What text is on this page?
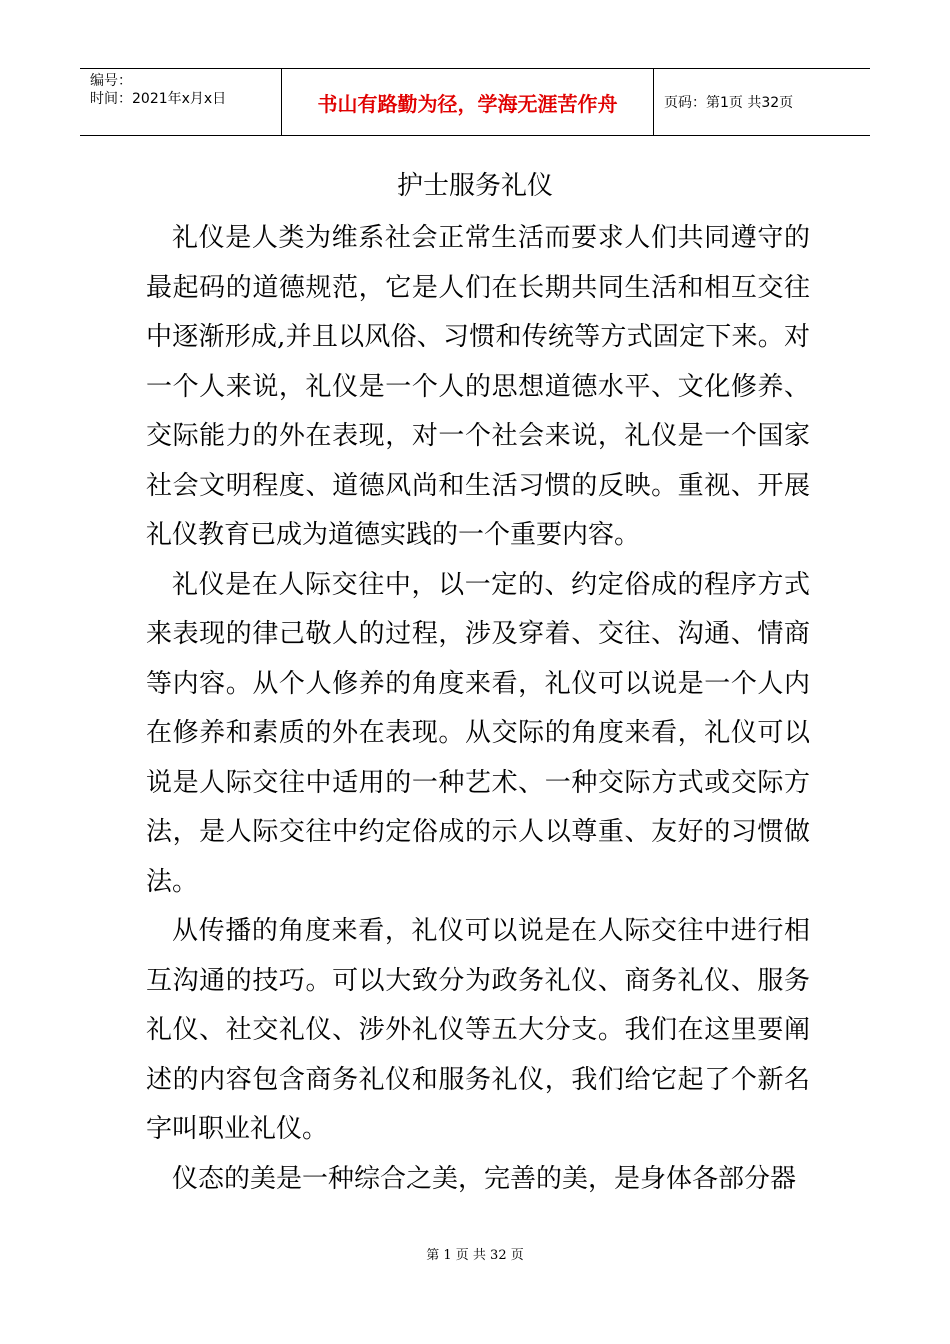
编号：
时间：2021年x月x日	书山有路勤为径，学海无涯苦作舟	页码：第1页 共32页
护士服务礼仪

礼仪是人类为维系社会正常生活而要求人们共同遵守的最起码的道德规范，它是人们在长期共同生活和相互交往中逐渐形成,并且以风俗、习惯和传统等方式固定下来。对一个人来说，礼仪是一个人的思想道德水平、文化修养、交际能力的外在表现，对一个社会来说，礼仪是一个国家社会文明程度、道德风尚和生活习惯的反映。重视、开展礼仪教育已成为道德实践的一个重要内容。

礼仪是在人际交往中，以一定的、约定俗成的程序方式来表现的律己敬人的过程，涉及穿着、交往、沟通、情商等内容。从个人修养的角度来看，礼仪可以说是一个人内在修养和素质的外在表现。从交际的角度来看，礼仪可以说是人际交往中适用的一种艺术、一种交际方式或交际方法，是人际交往中约定俗成的示人以尊重、友好的习惯做法。

从传播的角度来看，礼仪可以说是在人际交往中进行相互沟通的技巧。可以大致分为政务礼仪、商务礼仪、服务礼仪、社交礼仪、涉外礼仪等五大分支。我们在这里要阐述的内容包含商务礼仪和服务礼仪，我们给它起了个新名字叫职业礼仪。

仪态的美是一种综合之美，完善的美，是身体各部分器

第 1 页 共 32 页
